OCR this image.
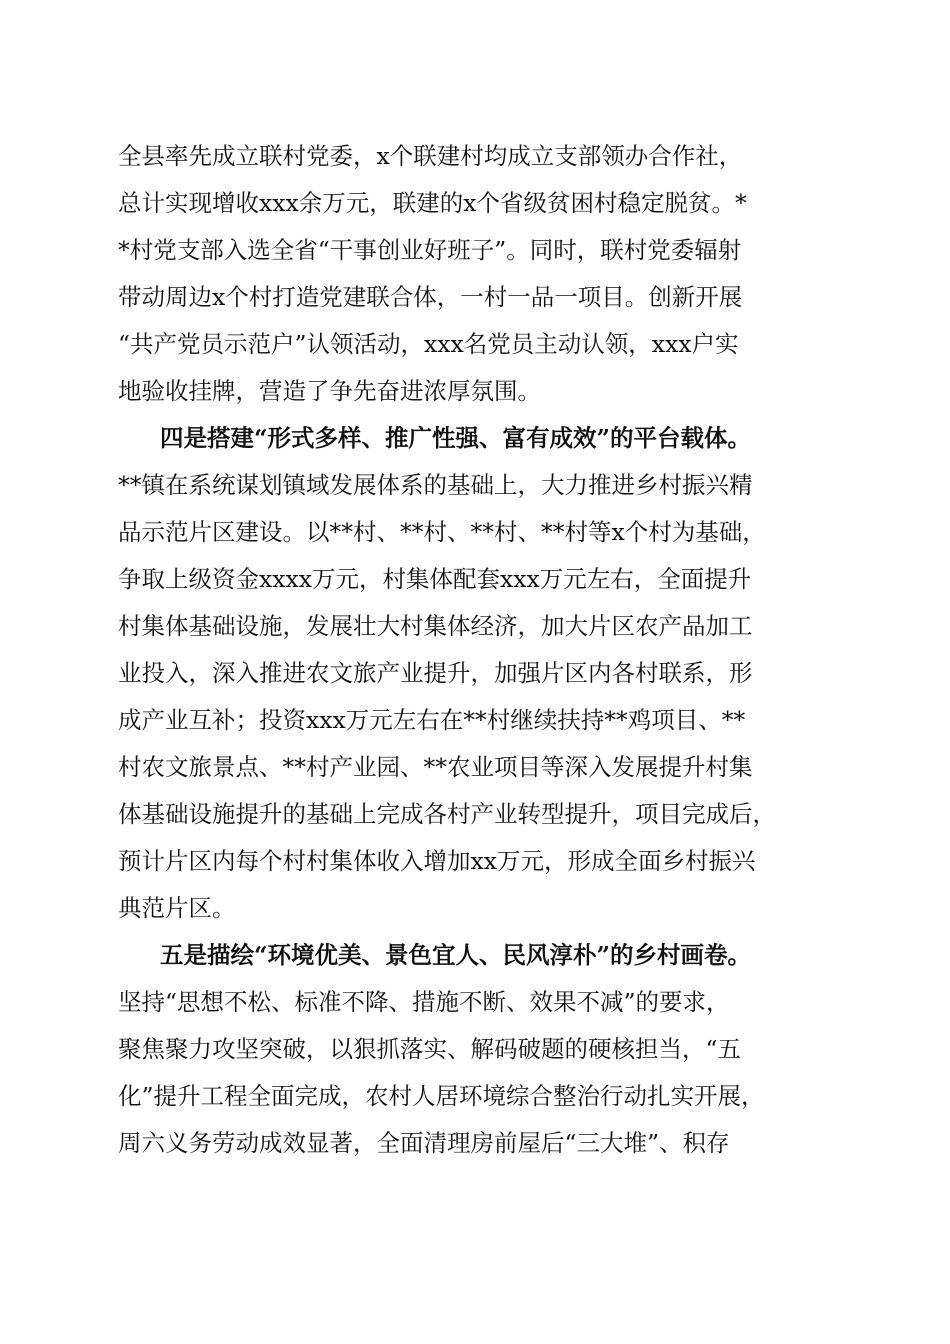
全县率先成立联村党委，x个联建村均成立支部领办合作社，
总计实现增收xxx余万元，联建的x个省级贫困村稳定脱贫。*
*村党支部入选全省“干事创业好班子”。同时，联村党委辐射
带动周边x个村打造党建联合体，一村一品一项目。创新开展
“共产党员示范户”认领活动，xxx名党员主动认领，xxx户实
地验收挂牌，营造了争先奋进浓厚氛围。
四是搭建“形式多样、推广性强、富有成效”的平台载体。
**镇在系统谋划镇域发展体系的基础上，大力推进乡村振兴精
品示范片区建设。以**村、**村、**村、**村等x个村为基础，
争取上级资金xxxx万元，村集体配套xxx万元左右，全面提升
村集体基础设施，发展壮大村集体经济，加大片区农产品加工
业投入，深入推进农文旅产业提升，加强片区内各村联系，形
成产业互补；投资xxx万元左右在**村继续扶持**鸡项目、**
村农文旅景点、**村产业园、**农业项目等深入发展提升村集
体基础设施提升的基础上完成各村产业转型提升，项目完成后，
预计片区内每个村村集体收入增加xx万元，形成全面乡村振兴
典范片区。
五是描绘“环境优美、景色宜人、民风淳朴”的乡村画卷。
坚持“思想不松、标准不降、措施不断、效果不减”的要求，
聚焦聚力攻坚突破，以狠抓落实、解码破题的硬核担当，“五
化”提升工程全面完成，农村人居环境综合整治行动扎实开展，
周六义务劳动成效显著，全面清理房前屋后“三大堆”、积存
